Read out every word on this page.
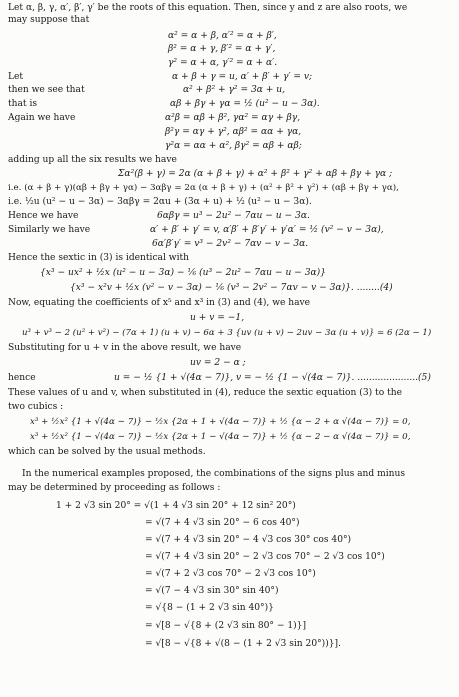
Let α, β, γ, α′, β′, γ′ be the roots of this equation. Then, since y and z are also roots, we
may suppose that
α² = α + β, α′² = α + β′,
β² = α + γ, β′² = α + γ′,
γ² = α + α, γ′² = α + α′.
Let	α + β + γ = u, α′ + β′ + γ′ = v;
then we see that	α² + β² + γ² = 3α + u,
that is	αβ + βγ + γα = ½ (u² − u − 3α).
Again we have	α²β = αβ + β², γα² = αγ + βγ,
β²γ = αγ + γ², αβ² = αα + γα,
γ²α = αα + α², βγ² = αβ + αβ;
adding up all the six results we have
Σα²(β + γ) = 2α (α + β + γ) + α² + β² + γ² + αβ + βγ + γα ;
i.e. (α + β + γ)(αβ + βγ + γα) − 3αβγ = 2α (α + β + γ) + (α² + β² + γ²) + (αβ + βγ + γα),
i.e. ½u (u² − u − 3α) − 3αβγ = 2αu + (3α + u) + ½ (u² − u − 3α).
Hence we have	6αβγ = u³ − 2u² − 7αu − u − 3α.
Similarly we have	α′ + β′ + γ′ = v, α′β′ + β′γ′ + γ′α′ = ½ (v² − v − 3α),
6α′β′γ′ = v³ − 2v² − 7αv − v − 3α.
Hence the sextic in (3) is identical with
{x³ − ux² + ½x (u² − u − 3α) − ⅙ (u³ − 2u² − 7αu − u − 3α)}
{x³ − x²v + ½x (v² − v − 3α) − ⅙ (v³ − 2v² − 7αv − v − 3α)}. ........(4)
Now, equating the coefficients of x⁵ and x³ in (3) and (4), we have
u + v = −1,
u³ + v³ − 2 (u² + v²) − (7α + 1) (u + v) − 6α + 3 {uv (u + v) − 2uv − 3α (u + v)} = 6 (2α − 1)
Substituting for u + v in the above result, we have
uv = 2 − α ;
hence	u = − ½ {1 + √(4α − 7)}, v = − ½ {1 − √(4α − 7)}. .....................(5)
These values of u and v, when substituted in (4), reduce the sextic equation (3) to the
two cubics :
x³ + ½x² {1 + √(4α − 7)} − ½x {2α + 1 + √(4α − 7)} + ½ {α − 2 + α √(4α − 7)} = 0,
x³ + ½x² {1 − √(4α − 7)} − ½x {2α + 1 − √(4α − 7)} + ½ {α − 2 − α √(4α − 7)} = 0,
which can be solved by the usual methods.
In the numerical examples proposed, the combinations of the signs plus and minus
may be determined by proceeding as follows :
1 + 2 √3 sin 20° = √(1 + 4 √3 sin 20° + 12 sin² 20°)
= √(7 + 4 √3 sin 20° − 6 cos 40°)
= √(7 + 4 √3 sin 20° − 4 √3 cos 30° cos 40°)
= √(7 + 4 √3 sin 20° − 2 √3 cos 70° − 2 √3 cos 10°)
= √(7 + 2 √3 cos 70° − 2 √3 cos 10°)
= √(7 − 4 √3 sin 30° sin 40°)
= √{8 − (1 + 2 √3 sin 40°)}
= √[8 − √{8 + (2 √3 sin 80° − 1)}]
= √[8 − √{8 + √(8 − (1 + 2 √3 sin 20°))}].
